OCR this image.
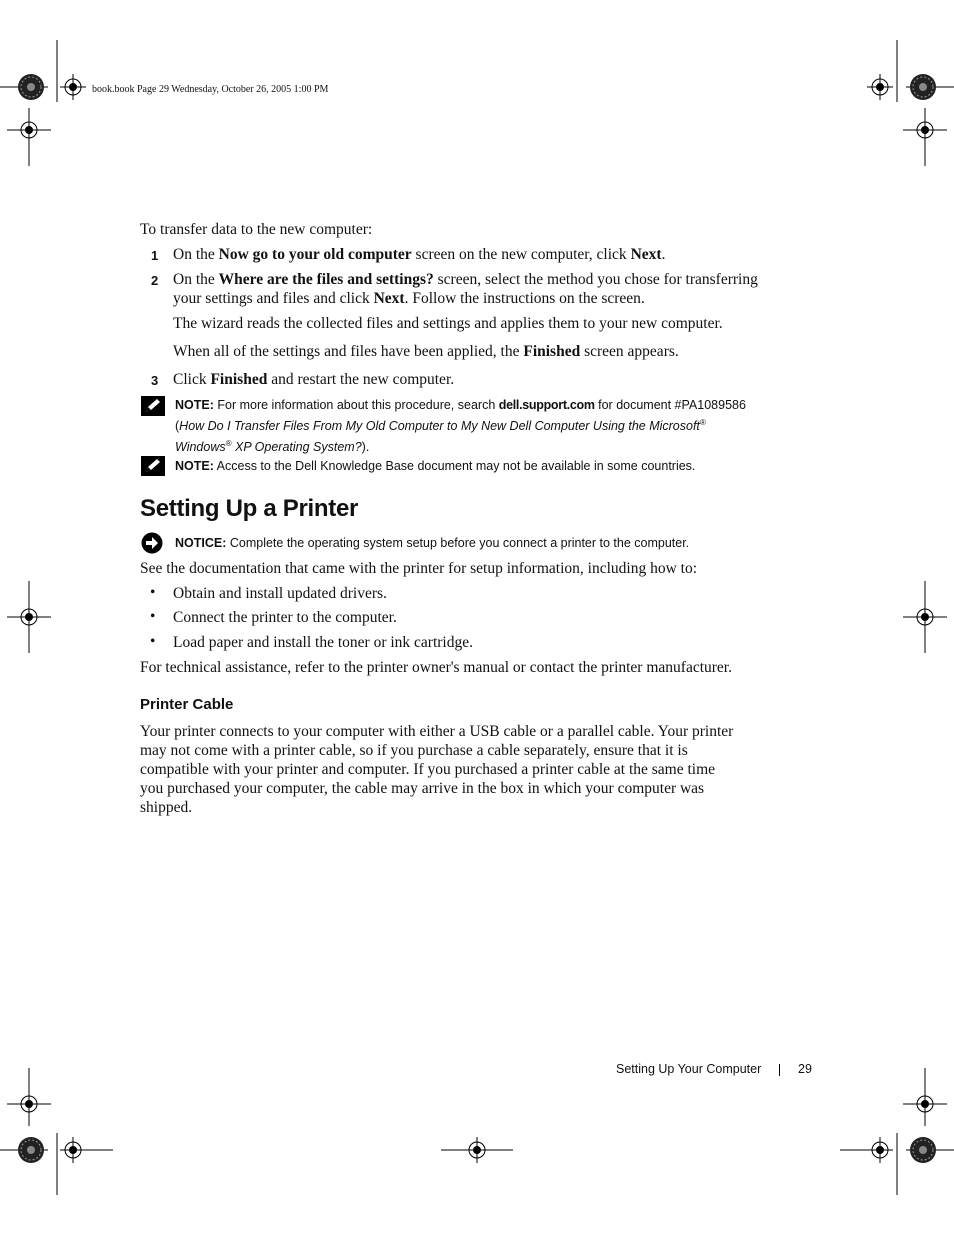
book.book Page 29 Wednesday, October 26, 2005 1:00 PM
To transfer data to the new computer:
1 On the Now go to your old computer screen on the new computer, click Next.
2 On the Where are the files and settings? screen, select the method you chose for transferring
your settings and files and click Next. Follow the instructions on the screen.
The wizard reads the collected files and settings and applies them to your new computer.
When all of the settings and files have been applied, the Finished screen appears.
3 Click Finished and restart the new computer.
NOTE: For more information about this procedure, search dell.support.com for document #PA1089586
(How Do I Transfer Files From My Old Computer to My New Dell Computer Using the Microsoft®
Windows® XP Operating System?).
NOTE: Access to the Dell Knowledge Base document may not be available in some countries.
Setting Up a Printer
NOTICE: Complete the operating system setup before you connect a printer to the computer.
See the documentation that came with the printer for setup information, including how to:
• Obtain and install updated drivers.
• Connect the printer to the computer.
• Load paper and install the toner or ink cartridge.
For technical assistance, refer to the printer owner's manual or contact the printer manufacturer.
Printer Cable
Your printer connects to your computer with either a USB cable or a parallel cable. Your printer
may not come with a printer cable, so if you purchase a cable separately, ensure that it is
compatible with your printer and computer. If you purchased a printer cable at the same time
you purchased your computer, the cable may arrive in the box in which your computer was
shipped.
Setting Up Your Computer	29
